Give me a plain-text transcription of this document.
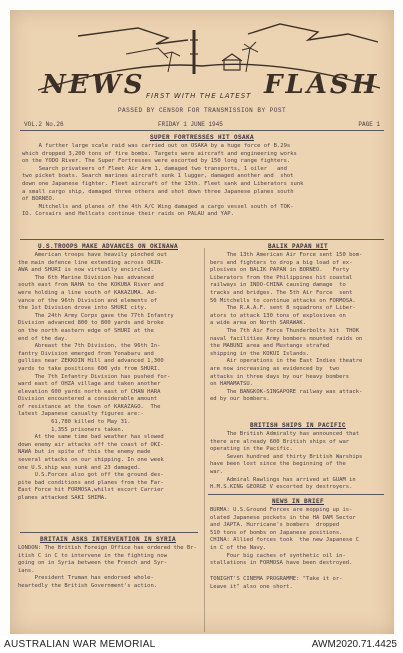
NEWS	FLASH
FIRST WITH THE LATEST
PASSED BY CENSOR FOR TRANSMISSION BY POST
VOL.2 No.26	FRIDAY 1 JUNE 1945	PAGE 1
SUPER FORTRESSES HIT OSAKA
A further large scale raid was carried out on OSAKA by a huge force of B.29s
which dropped 3,200 tons of fire bombs. Targets were aircraft and engineering works
on the YODO River. The Super Fortresses were escorted by 150 long range fighters.
Search privateers of Fleet Air Arm 1, damaged two transports, 1 oiler   and
two picket boats. Search marines aircraft sunk 1 lugger, damaged another and  shot
down one Japanese fighter. Fleet aircraft of the 13th. Fleet sank and Liberators sunk
a small cargo ship, damaged three others and shot down three Japanese planes south
of BORNEO.
Mitchells and planes of the 4th A/C Wing damaged a cargo vessel south of TOK-
IO. Corsairs and Hellcats continue their raids on PALAU and YAP.
U.S.TROOPS MAKE ADVANCES ON OKINAWA
American troops have heavily pinched out
the main defence line extending across OKIN-
AWA and SHURI is now virtually encircled.
The 6th Marine Division has advanced
south east from NAHA to the KOKUBA River and
were holding a line south of KAKAZUMA. Ad-
vance of the 96th Division and elements of
the 1st Division drove into SHURI city.
The 24th Army Corps gave the 77th Infantry
Division advanced 800 to 800 yards and broke
on the north eastern edge of SHURI at the
end of the day.
Abreast the 7th Division, the 96th In-
fantry Division emerged from Yonabaru and
gullies near ZEKKOIN Hill and advanced 1,300
yards to take positions 600 yds from SHURI.
The 7th Infantry Division has pushed for-
ward east of OHZA village and taken another
elevation 600 yards north east of CHAN HARA
Division encountered a considerable amount
of resistance at the town of KAKAZAGO.  The
latest Japanese casualty figures are:-
61,780 killed to May 31.
1,355 prisoners taken.
At the same time bad weather has slowed
down enemy air attacks off the coast of OKI-
NAWA but in spite of this the enemy made
several attacks on our shipping. In one week
one U.S.ship was sunk and 23 damaged.
U.S.Forces also got off the ground des-
pite bad conditions and planes from the Far-
East Force hit FORMOSA,whilst escort Carrier
planes attacked SAKI SHIMA.
BRITAIN ASKS INTERVENTION IN SYRIA
LONDON: The British Foreign Office has ordered the Br-
itish C in C to intervene in the fighting now
going on in Syria between the French and Syr-
ians.
President Truman has endorsed whole-
heartedly the British Government's action.
BALIK PAPAN HIT
The 13th American Air Force sent 150 bom-
bers and fighters to drop a big load of ex-
plosives on BALIK PAPAN in BORNEO.   Forty
Liberators from the Philippines hit coastal
railways in INDO-CHINA causing damage  to
tracks and bridges. The 5th Air Force  sent
50 Mitchells to continue attacks on FORMOSA.
The R.A.A.F. sent 8 squadrons of Liber-
ators to attack 130 tons of explosives on
a wide area on North SARAWAK.
The 7th Air Force Thunderbolts hit  THOK
naval facilities Army bombers mounted raids on
the MABUNI area and Mustangs strafed
shipping in the KOKUI Islands.
Air operations in the East Indies theatre
are now increasing as evidenced by  two
attacks in three days by our heavy bombers
on HAMAMATSU.
The BANGKOK-SINGAPORE railway was attack-
ed by our bombers.
BRITISH SHIPS IN PACIFIC
The British Admiralty has announced that
there are already 600 British ships of war
operating in the Pacific.
Seven hundred and thirty British Warships
have been lost since the beginning of the
war.
Admiral Rawlings has arrived at GUAM in
H.M.S.KING GEORGE V escorted by destroyers.
NEWS IN BRIEF
BURMA: U.S.Ground Forces are mopping up is-
olated Japanese pockets in the HA DAM Sector
and JAPTA. Hurricane's bombers  dropped
510 tons of bombs on Japanese positions.
CHINA: Allied forces took  the new Japanese C
in C of the Navy.
Four big caches of synthetic oil in-
stallations in FORMOSA have been destroyed.
TONIGHT'S CINEMA PROGRAMME: "Take it or-
Leave it" also one short.
AUSTRALIAN WAR MEMORIAL	AWM2020.71.4425
